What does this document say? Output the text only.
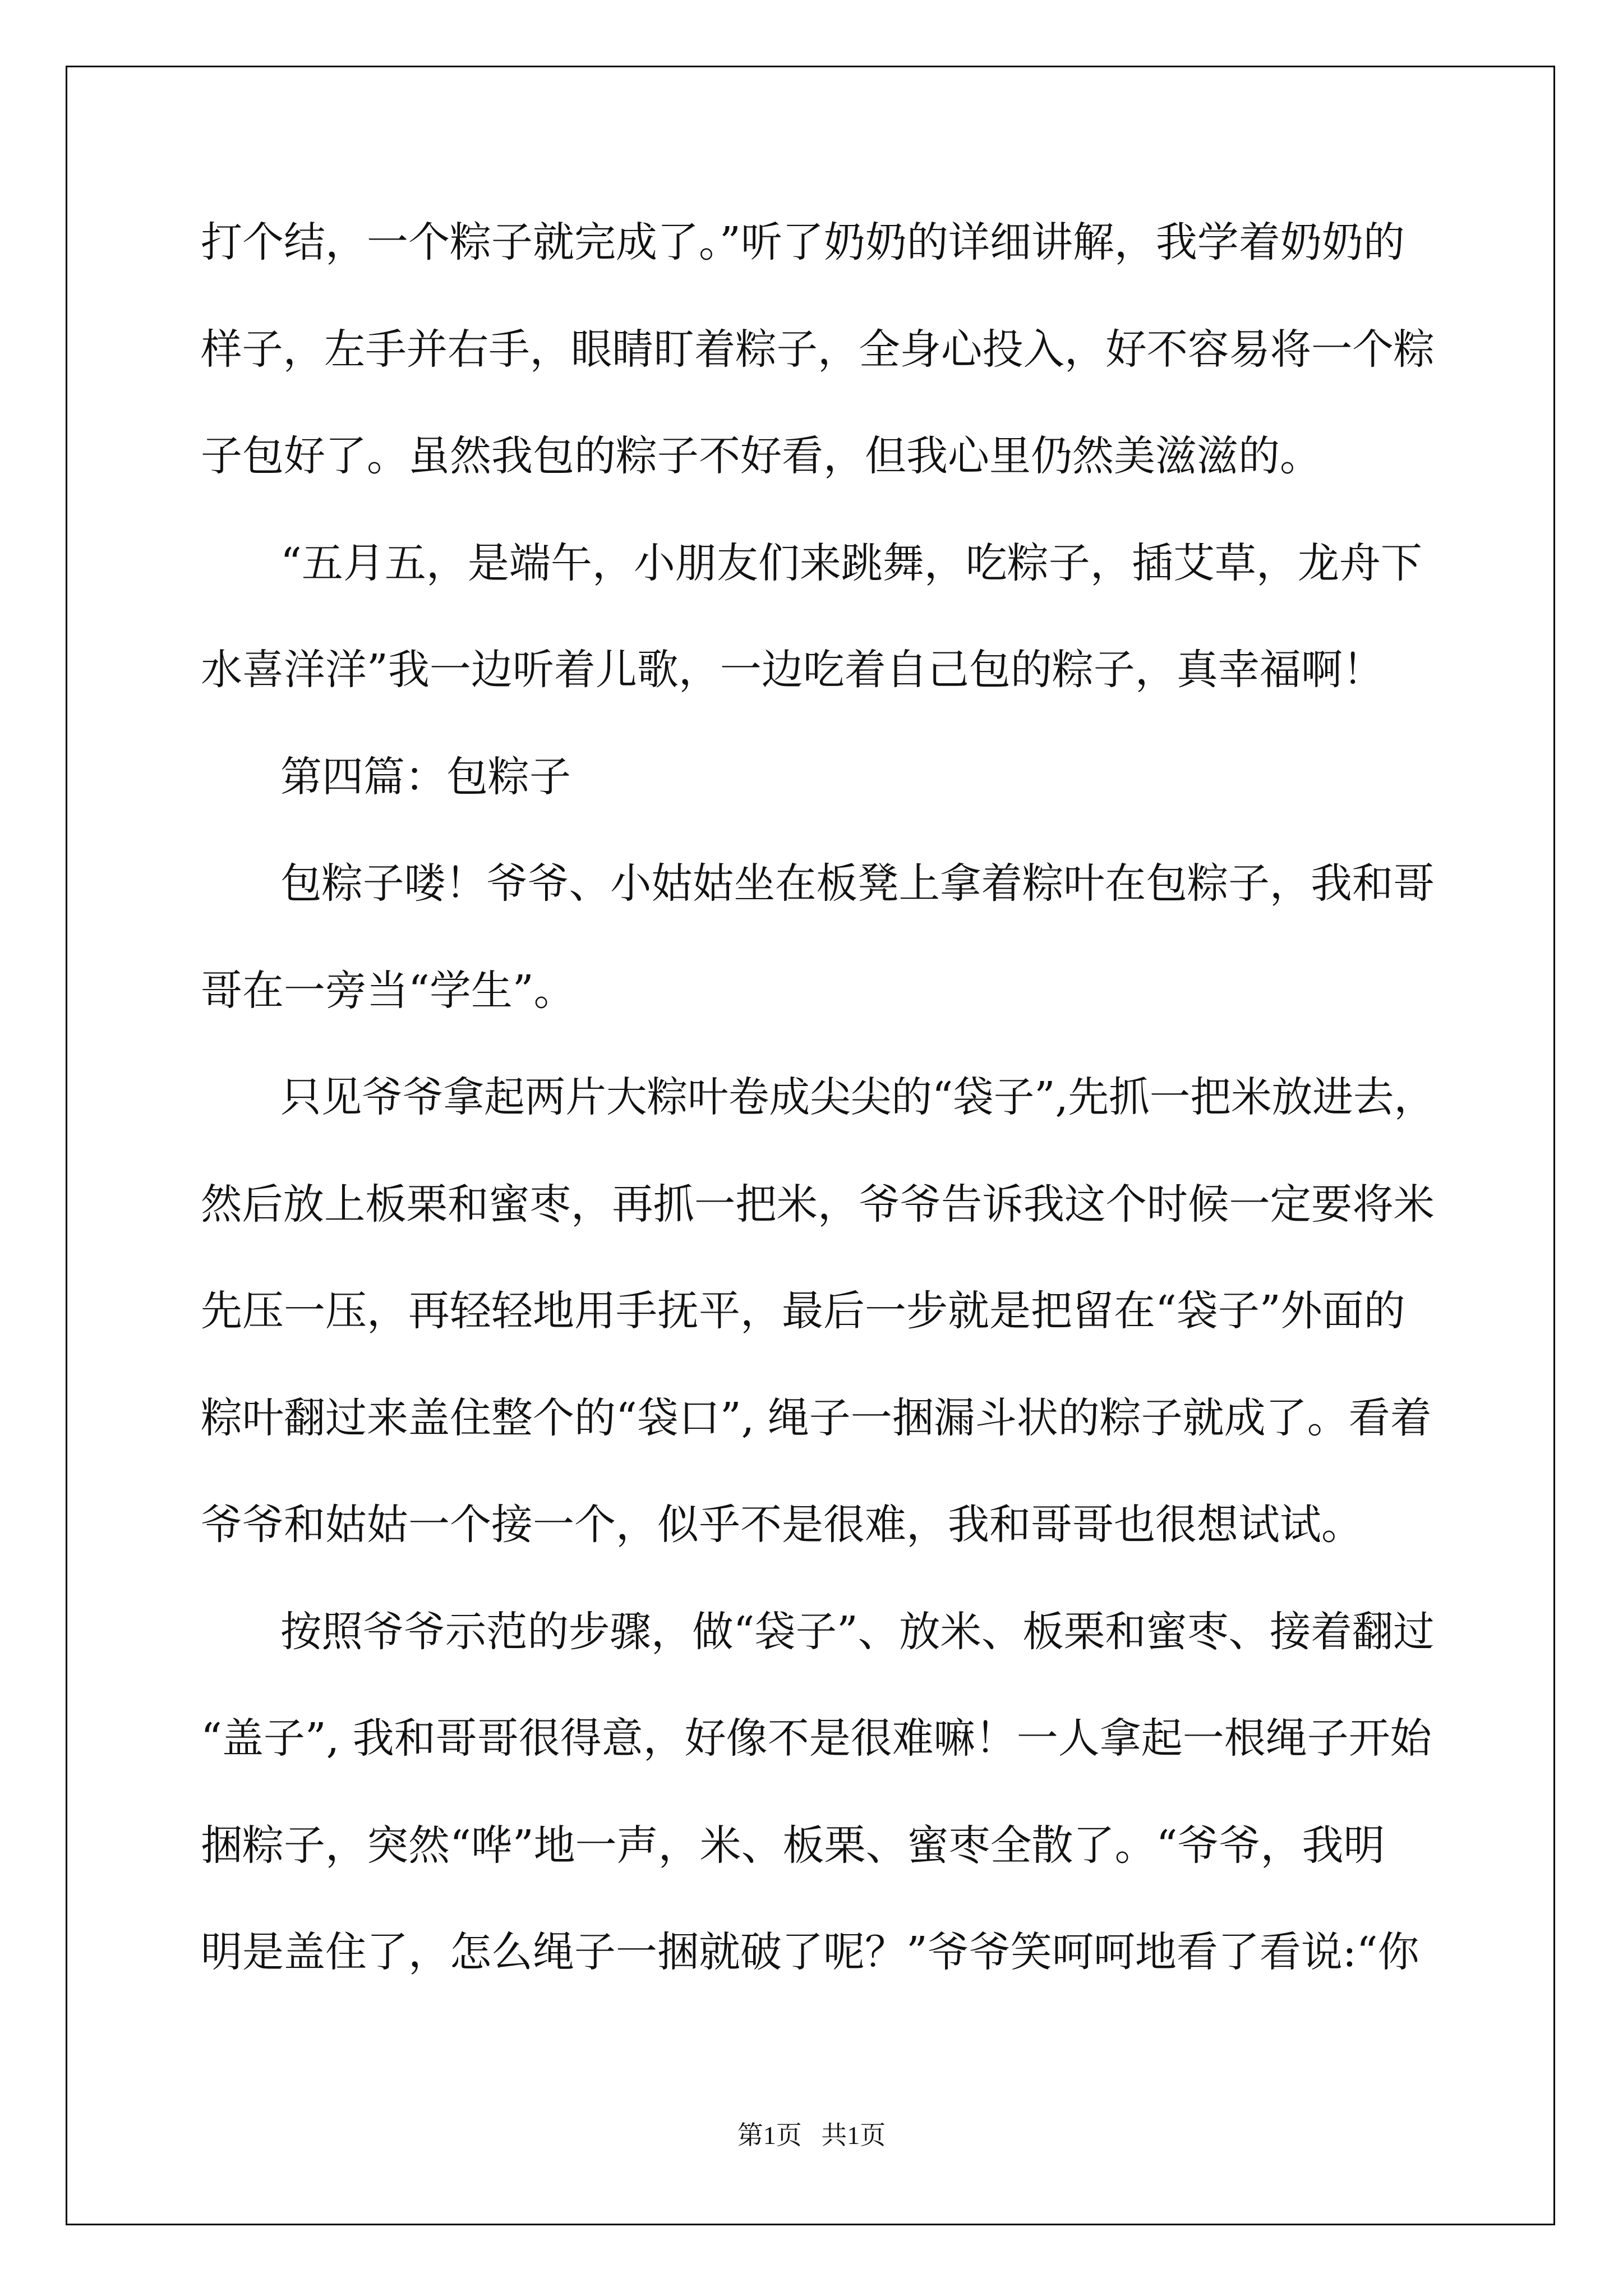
打个结，一个粽子就完成了。”听了奶奶的详细讲解，我学着奶奶的

样子，左手并右手，眼睛盯着粽子，全身心投入，好不容易将一个粽

子包好了。虽然我包的粽子不好看，但我心里仍然美滋滋的。

“五月五，是端午，小朋友们来跳舞，吃粽子，插艾草，龙舟下

水喜洋洋”我一边听着儿歌，一边吃着自己包的粽子，真幸福啊！

第四篇：包粽子

包粽子喽！爷爷、小姑姑坐在板凳上拿着粽叶在包粽子，我和哥

哥在一旁当“学生”。

只见爷爷拿起两片大粽叶卷成尖尖的“袋子”,先抓一把米放进去，

然后放上板栗和蜜枣，再抓一把米，爷爷告诉我这个时候一定要将米

先压一压，再轻轻地用手抚平，最后一步就是把留在“袋子”外面的

粽叶翻过来盖住整个的“袋口”, 绳子一捆漏斗状的粽子就成了。看着

爷爷和姑姑一个接一个，似乎不是很难，我和哥哥也很想试试。

按照爷爷示范的步骤，做“袋子”、放米、板栗和蜜枣、接着翻过

“盖子”, 我和哥哥很得意，好像不是很难嘛！一人拿起一根绳子开始

捆粽子，突然“哗”地一声，米、板栗、蜜枣全散了。“爷爷，我明

明是盖住了，怎么绳子一捆就破了呢？”爷爷笑呵呵地看了看说:“你

第1页   共1页
